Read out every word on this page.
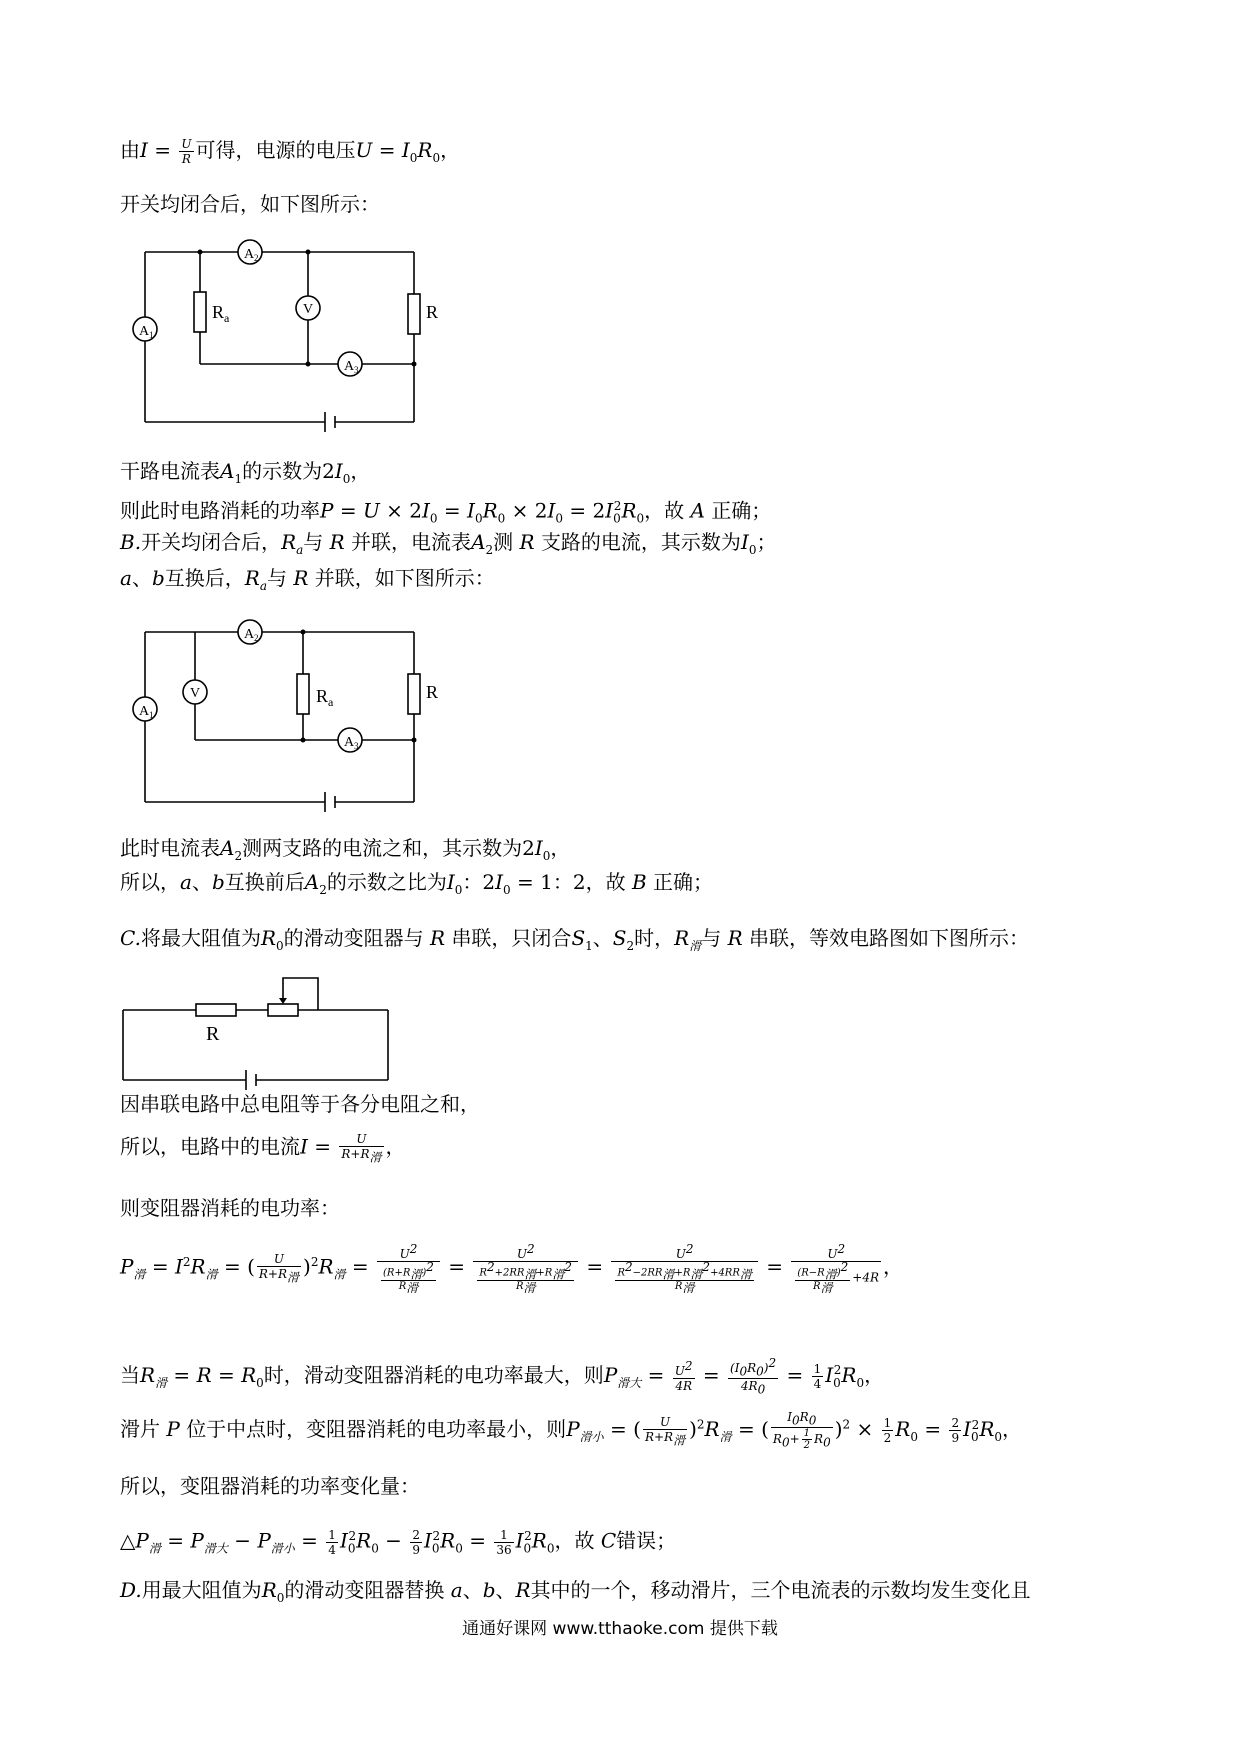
由$I = \frac{U}{R}$ 可得，电源的电压$U = I_0R_0$，
开关均闭合后，如下图所示：
A 2
A 1
V
A 3
R a	R
干路电流表$A_1$的示数为$2I_0$，
则此时电路消耗的功率$P = U \times 2I_0 = I_0R_0 \times 2I_0 = 2I_0^2R_0$，故 A 正确；
B.开关均闭合后，$R_a$与 R 并联，电流表$A_2$测 R 支路的电流，其示数为$I_0$；
a、b互换后，$R_a$与 R 并联，如下图所示：
A 2
A 1
V
A 3
R a	R
此时电流表$A_2$测两支路的电流之和，其示数为$2I_0$，
所以，a、b互换前后$A_2$的示数之比为$I_0$：$2I_0 = 1$：2，故 B 正确；
C.将最大阻值为$R_0$的滑动变阻器与 R 串联，只闭合$S_1$、$S_2$时，$R_滑$与 R 串联，等效电路图如下图所示：
R
因串联电路中总电阻等于各分电阻之和，
所以，电路中的电流$I = \frac{U}{R+R_滑}$ ，
则变阻器消耗的电功率：
$P_滑 = I^2R_滑$ = ( $\frac{U}{R+R_滑} )^2R_滑 = \frac{U^2}{\frac{(R+R_滑)^2}{R_滑}} = \frac{U^2}{\frac{R^2+2RR_滑+R_滑^2}{R_滑}} = \frac{U^2}{\frac{R^2-2RR_滑+R_滑^2+4RR_滑}{R_滑}} = \frac{U^2}{\frac{(R-R_滑)^2}{R_滑} +4R}$ ，
当$R_滑 = R = R_0$时，滑动变阻器消耗的电功率最大，则$P_{滑大} = \frac{U^2}{4R} = \frac{(I_0R_0)^2}{4R_0} = \frac{1}{4} I_0^2R_0$，
滑片 P 位于中点时，变阻器消耗的电功率最小，则$P_{滑小}$ = ( $\frac{U}{R+R_滑} )^2R_滑$ = ( $\frac{I_0R_0}{R_0+ \frac{1}{2} R_0} )^2 \times \frac{1}{2} R_0 = \frac{2}{9} I_0^2R_0$，
所以，变阻器消耗的功率变化量：
$\triangle P_滑 = P_{滑大} - P_{滑小} = \frac{1}{4} I_0^2R_0 - \frac{2}{9} I_0^2R_0 = \frac{1}{36} I_0^2R_0$，故 C错误；
D.用最大阻值为$R_0$的滑动变阻器替换 a、b、R其中的一个，移动滑片，三个电流表的示数均发生变化且
通通好课网 www.tthaoke.com 提供下载
